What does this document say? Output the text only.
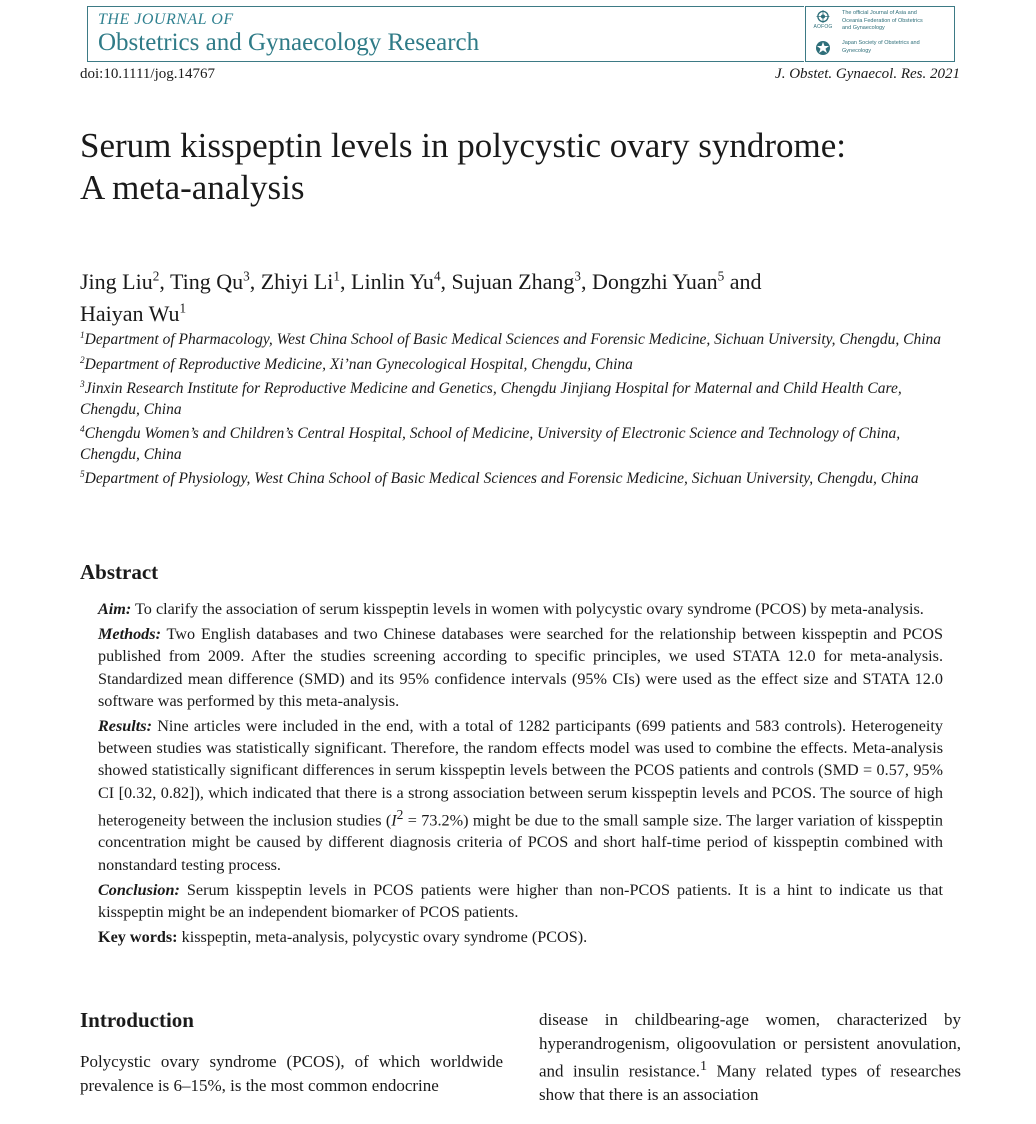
THE JOURNAL OF
Obstetrics and Gynaecology Research
AOFOG
The official Journal of Asia and Oceania Federation of Obstetrics and Gynaecology
Japan Society of Obstetrics and Gynecology
doi:10.1111/jog.14767	J. Obstet. Gynaecol. Res. 2021
Serum kisspeptin levels in polycystic ovary syndrome:
A meta-analysis
Jing Liu$^2$, Ting Qu$^3$, Zhiyi Li$^1$, Linlin Yu$^4$, Sujuan Zhang$^3$, Dongzhi Yuan$^5$ and
Haiyan Wu$^1$

$^1$Department of Pharmacology, West China School of Basic Medical Sciences and Forensic Medicine, Sichuan University, Chengdu, China

$^2$Department of Reproductive Medicine, Xi’nan Gynecological Hospital, Chengdu, China

$^3$Jinxin Research Institute for Reproductive Medicine and Genetics, Chengdu Jinjiang Hospital for Maternal and Child Health Care, Chengdu, China

$^4$Chengdu Women’s and Children’s Central Hospital, School of Medicine, University of Electronic Science and Technology of China, Chengdu, China

$^5$Department of Physiology, West China School of Basic Medical Sciences and Forensic Medicine, Sichuan University, Chengdu, China

Abstract

Aim: To clarify the association of serum kisspeptin levels in women with polycystic ovary syndrome (PCOS) by meta-analysis.

Methods: Two English databases and two Chinese databases were searched for the relationship between kisspeptin and PCOS published from 2009. After the studies screening according to specific principles, we used STATA 12.0 for meta-analysis. Standardized mean difference (SMD) and its 95% confidence intervals (95% CIs) were used as the effect size and STATA 12.0 software was performed by this meta-analysis.

Results: Nine articles were included in the end, with a total of 1282 participants (699 patients and 583 controls). Heterogeneity between studies was statistically significant. Therefore, the random effects model was used to combine the effects. Meta-analysis showed statistically significant differences in serum kisspeptin levels between the PCOS patients and controls (SMD = 0.57, 95% CI [0.32, 0.82]), which indicated that there is a strong association between serum kisspeptin levels and PCOS. The source of high heterogeneity between the inclusion studies $(I^2 = 73.2\%)$ might be due to the small sample size. The larger variation of kisspeptin concentration might be caused by different diagnosis criteria of PCOS and short half-time period of kisspeptin combined with nonstandard testing process.

Conclusion: Serum kisspeptin levels in PCOS patients were higher than non-PCOS patients. It is a hint to indicate us that kisspeptin might be an independent biomarker of PCOS patients.

Key words: kisspeptin, meta-analysis, polycystic ovary syndrome (PCOS).

Introduction

Polycystic ovary syndrome (PCOS), of which worldwide prevalence is 6–15%, is the most common endocrine

disease in childbearing-age women, characterized by hyperandrogenism, oligoovulation or persistent anovulation, and insulin resistance.$^1$ Many related types of researches show that there is an association
